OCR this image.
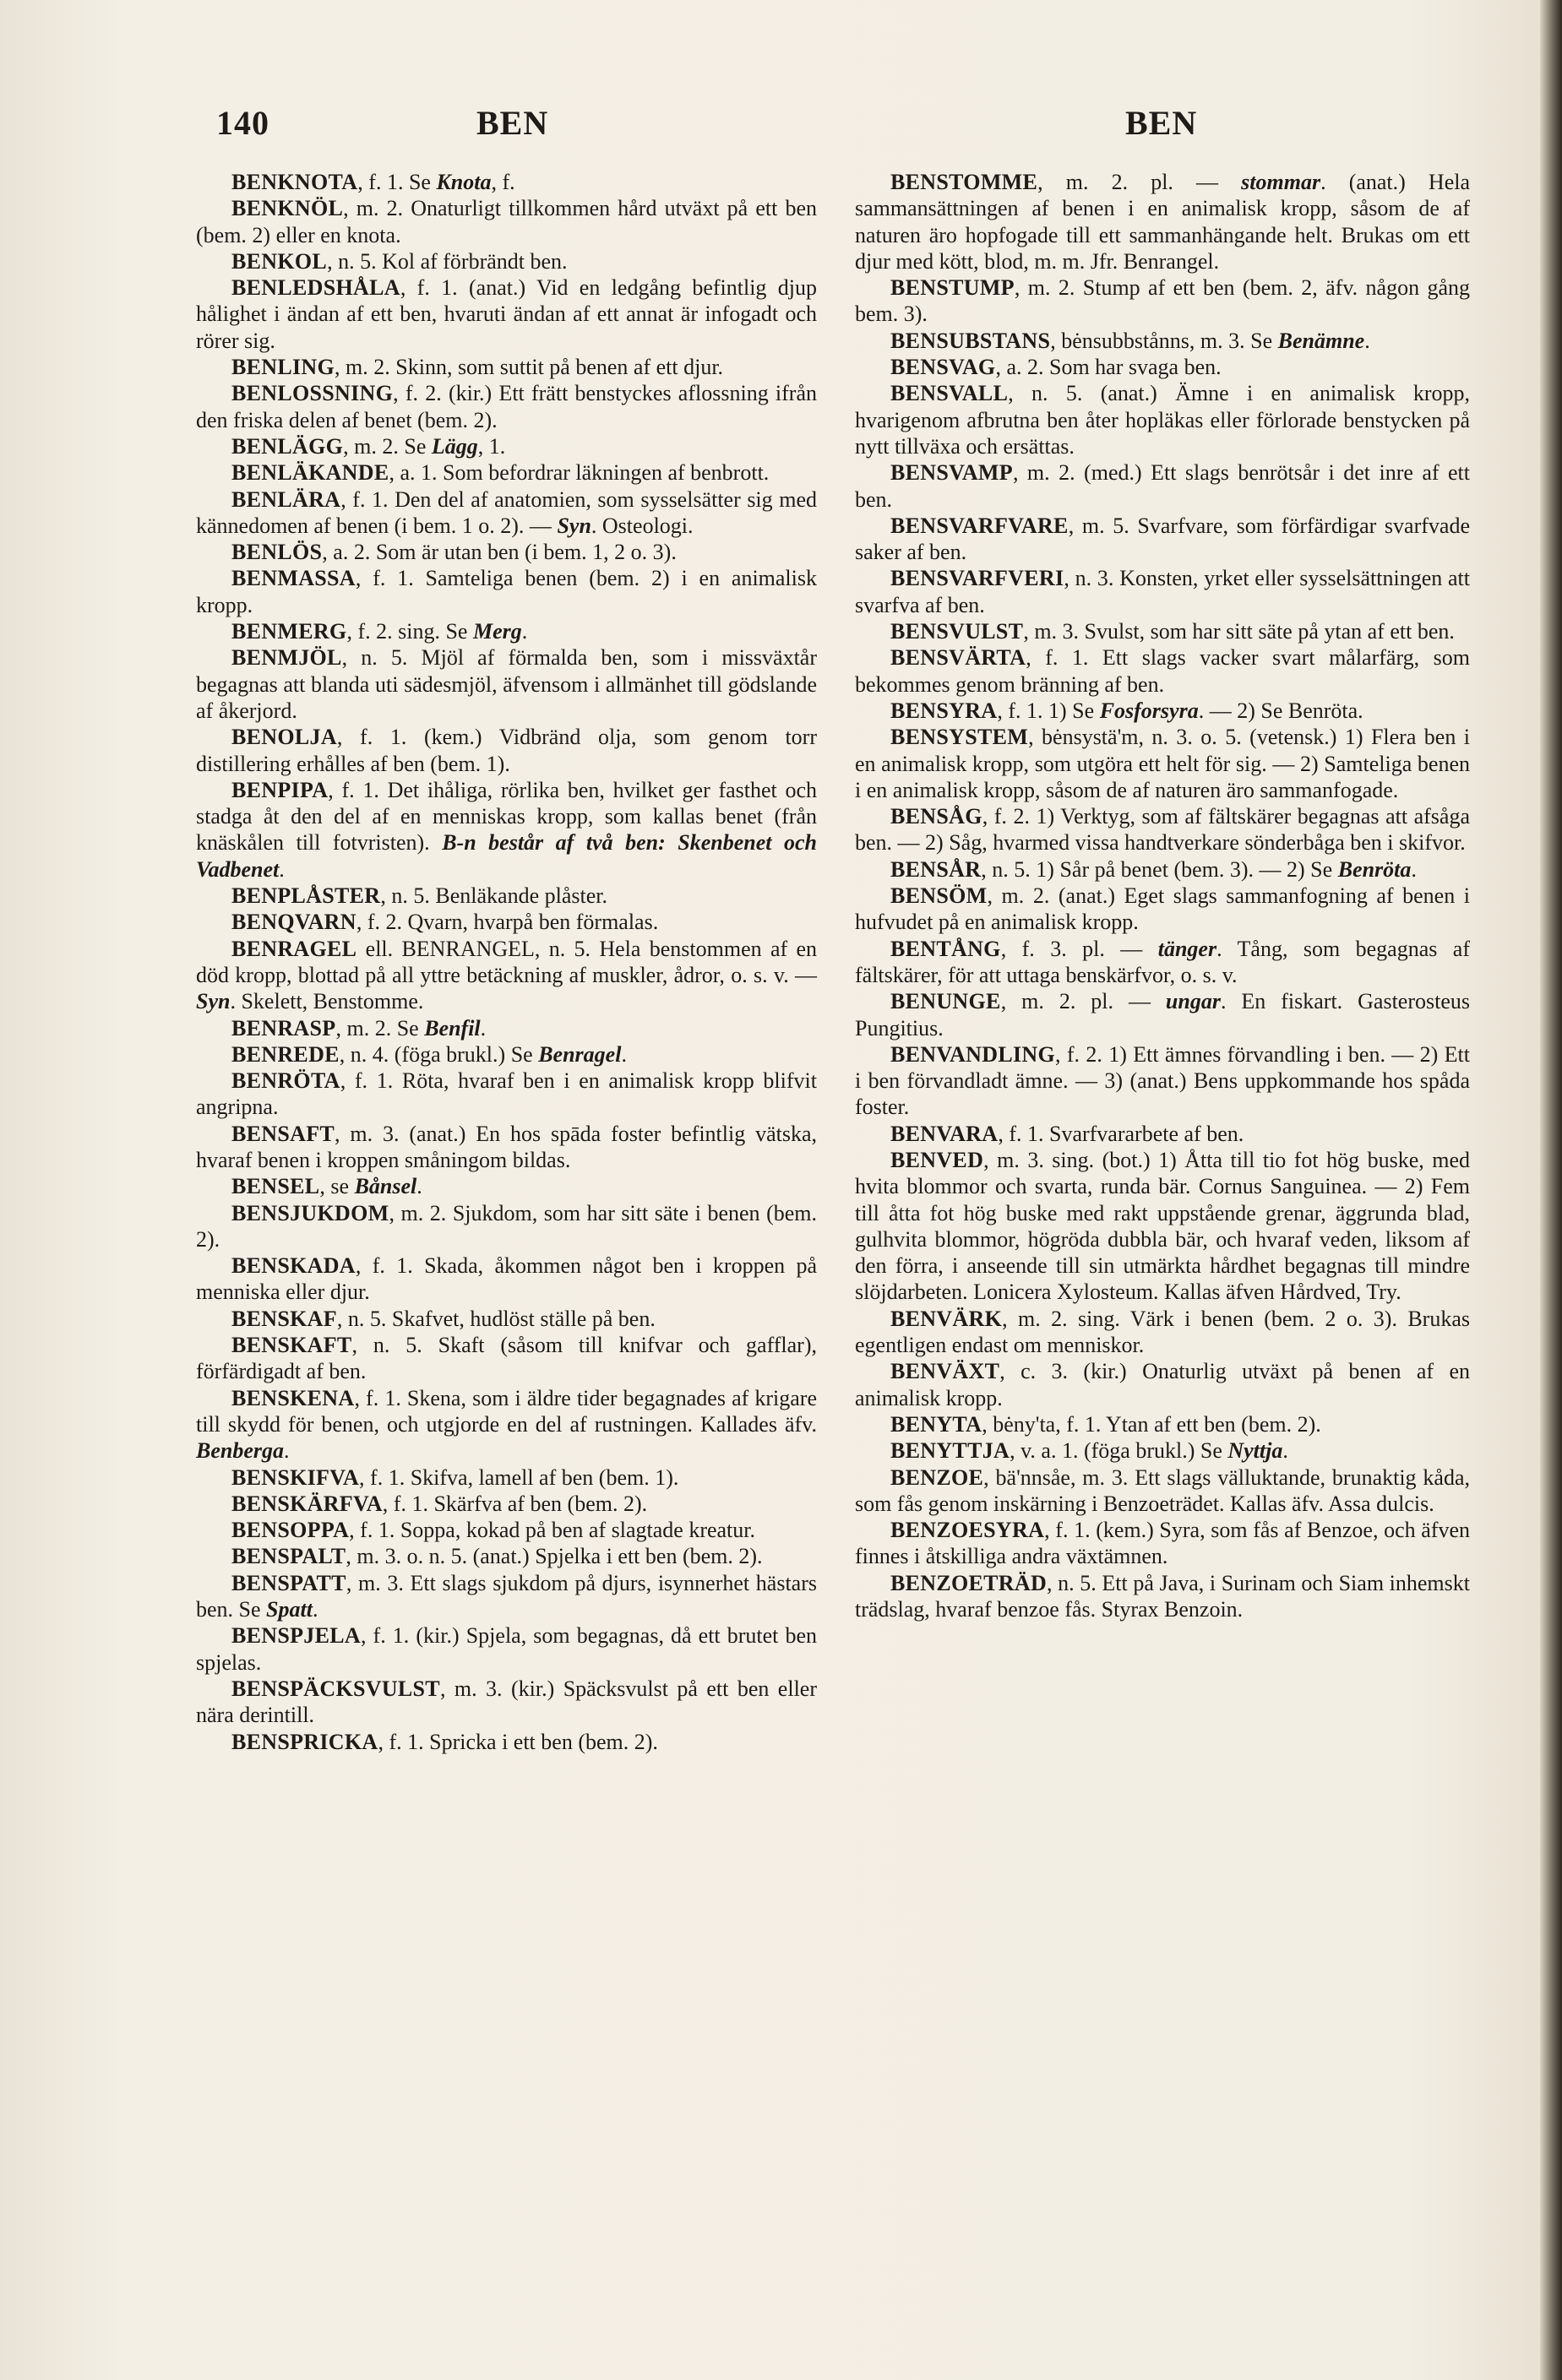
140	BEN	BEN

BENKNOTA, f. 1. Se Knota, f.

BENKNÖL, m. 2. Onaturligt tillkommen hård utväxt på ett ben (bem. 2) eller en knota.

BENKOL, n. 5. Kol af förbrändt ben.

BENLEDSHÅLA, f. 1. (anat.) Vid en ledgång befintlig djup hålighet i ändan af ett ben, hvaruti ändan af ett annat är infogadt och rörer sig.

BENLING, m. 2. Skinn, som suttit på benen af ett djur.

BENLOSSNING, f. 2. (kir.) Ett frätt benstyckes aflossning ifrån den friska delen af benet (bem. 2).

BENLÄGG, m. 2. Se Lägg, 1.

BENLÄKANDE, a. 1. Som befordrar läkningen af benbrott.

BENLÄRA, f. 1. Den del af anatomien, som sysselsätter sig med kännedomen af benen (i bem. 1 o. 2). — Syn. Osteologi.

BENLÖS, a. 2. Som är utan ben (i bem. 1, 2 o. 3).

BENMASSA, f. 1. Samteliga benen (bem. 2) i en animalisk kropp.

BENMERG, f. 2. sing. Se Merg.

BENMJÖL, n. 5. Mjöl af förmalda ben, som i missväxtår begagnas att blanda uti sädesmjöl, äfvensom i allmänhet till gödslande af åkerjord.

BENOLJA, f. 1. (kem.) Vidbränd olja, som genom torr distillering erhålles af ben (bem. 1).

BENPIPA, f. 1. Det ihåliga, rörlika ben, hvilket ger fasthet och stadga åt den del af en menniskas kropp, som kallas benet (från knäskålen till fotvristen). B-n består af två ben: Skenbenet och Vadbenet.

BENPLÅSTER, n. 5. Benläkande plåster.

BENQVARN, f. 2. Qvarn, hvarpå ben förmalas.

BENRAGEL ell. BENRANGEL, n. 5. Hela benstommen af en död kropp, blottad på all yttre betäckning af muskler, ådror, o. s. v. — Syn. Skelett, Benstomme.

BENRASP, m. 2. Se Benfil.

BENREDE, n. 4. (föga brukl.) Se Benragel.

BENRÖTA, f. 1. Röta, hvaraf ben i en animalisk kropp blifvit angripna.

BENSAFT, m. 3. (anat.) En hos spāda foster befintlig vätska, hvaraf benen i kroppen småningom bildas.

BENSEL, se Bånsel.

BENSJUKDOM, m. 2. Sjukdom, som har sitt säte i benen (bem. 2).

BENSKADA, f. 1. Skada, åkommen något ben i kroppen på menniska eller djur.

BENSKAF, n. 5. Skafvet, hudlöst ställe på ben.

BENSKAFT, n. 5. Skaft (såsom till knifvar och gafflar), förfärdigadt af ben.

BENSKENA, f. 1. Skena, som i äldre tider begagnades af krigare till skydd för benen, och utgjorde en del af rustningen. Kallades äfv. Benberga.

BENSKIFVA, f. 1. Skifva, lamell af ben (bem. 1).

BENSKÄRFVA, f. 1. Skärfva af ben (bem. 2).

BENSOPPA, f. 1. Soppa, kokad på ben af slagtade kreatur.

BENSPALT, m. 3. o. n. 5. (anat.) Spjelka i ett ben (bem. 2).

BENSPATT, m. 3. Ett slags sjukdom på djurs, isynnerhet hästars ben. Se Spatt.

BENSPJELA, f. 1. (kir.) Spjela, som begagnas, då ett brutet ben spjelas.

BENSPÄCKSVULST, m. 3. (kir.) Späcksvulst på ett ben eller nära derintill.

BENSPRICKA, f. 1. Spricka i ett ben (bem. 2).

BENSTOMME, m. 2. pl. — stommar. (anat.) Hela sammansättningen af benen i en animalisk kropp, såsom de af naturen äro hopfogade till ett sammanhängande helt. Brukas om ett djur med kött, blod, m. m. Jfr. Benrangel.

BENSTUMP, m. 2. Stump af ett ben (bem. 2, äfv. någon gång bem. 3).

BENSUBSTANS, bėnsubbstånns, m. 3. Se Benämne.

BENSVAG, a. 2. Som har svaga ben.

BENSVALL, n. 5. (anat.) Ämne i en animalisk kropp, hvarigenom afbrutna ben åter hopläkas eller förlorade benstycken på nytt tillväxa och ersättas.

BENSVAMP, m. 2. (med.) Ett slags benrötsår i det inre af ett ben.

BENSVARFVARE, m. 5. Svarfvare, som förfärdigar svarfvade saker af ben.

BENSVARFVERI, n. 3. Konsten, yrket eller sysselsättningen att svarfva af ben.

BENSVULST, m. 3. Svulst, som har sitt säte på ytan af ett ben.

BENSVÄRTA, f. 1. Ett slags vacker svart målarfärg, som bekommes genom bränning af ben.

BENSYRA, f. 1. 1) Se Fosforsyra. — 2) Se Benröta.

BENSYSTEM, bėnsystä'm, n. 3. o. 5. (vetensk.) 1) Flera ben i en animalisk kropp, som utgöra ett helt för sig. — 2) Samteliga benen i en animalisk kropp, såsom de af naturen äro sammanfogade.

BENSÅG, f. 2. 1) Verktyg, som af fältskärer begagnas att afsåga ben. — 2) Såg, hvarmed vissa handtverkare sönderbåga ben i skifvor.

BENSÅR, n. 5. 1) Sår på benet (bem. 3). — 2) Se Benröta.

BENSÖM, m. 2. (anat.) Eget slags sammanfogning af benen i hufvudet på en animalisk kropp.

BENTÅNG, f. 3. pl. — tänger. Tång, som begagnas af fältskärer, för att uttaga benskärfvor, o. s. v.

BENUNGE, m. 2. pl. — ungar. En fiskart. Gasterosteus Pungitius.

BENVANDLING, f. 2. 1) Ett ämnes förvandling i ben. — 2) Ett i ben förvandladt ämne. — 3) (anat.) Bens uppkommande hos spåda foster.

BENVARA, f. 1. Svarfvararbete af ben.

BENVED, m. 3. sing. (bot.) 1) Åtta till tio fot hög buske, med hvita blommor och svarta, runda bär. Cornus Sanguinea. — 2) Fem till åtta fot hög buske med rakt uppstående grenar, äggrunda blad, gulhvita blommor, högröda dubbla bär, och hvaraf veden, liksom af den förra, i anseende till sin utmärkta hårdhet begagnas till mindre slöjdarbeten. Lonicera Xylosteum. Kallas äfven Hårdved, Try.

BENVÄRK, m. 2. sing. Värk i benen (bem. 2 o. 3). Brukas egentligen endast om menniskor.

BENVÄXT, c. 3. (kir.) Onaturlig utväxt på benen af en animalisk kropp.

BENYTA, bėny'ta, f. 1. Ytan af ett ben (bem. 2).

BENYTTJA, v. a. 1. (föga brukl.) Se Nyttja.

BENZOE, bä'nnsåe, m. 3. Ett slags välluktande, brunaktig kåda, som fås genom inskärning i Benzoeträdet. Kallas äfv. Assa dulcis.

BENZOESYRA, f. 1. (kem.) Syra, som fås af Benzoe, och äfven finnes i åtskilliga andra växtämnen.

BENZOETRÄD, n. 5. Ett på Java, i Surinam och Siam inhemskt trädslag, hvaraf benzoe fås. Styrax Benzoin.
